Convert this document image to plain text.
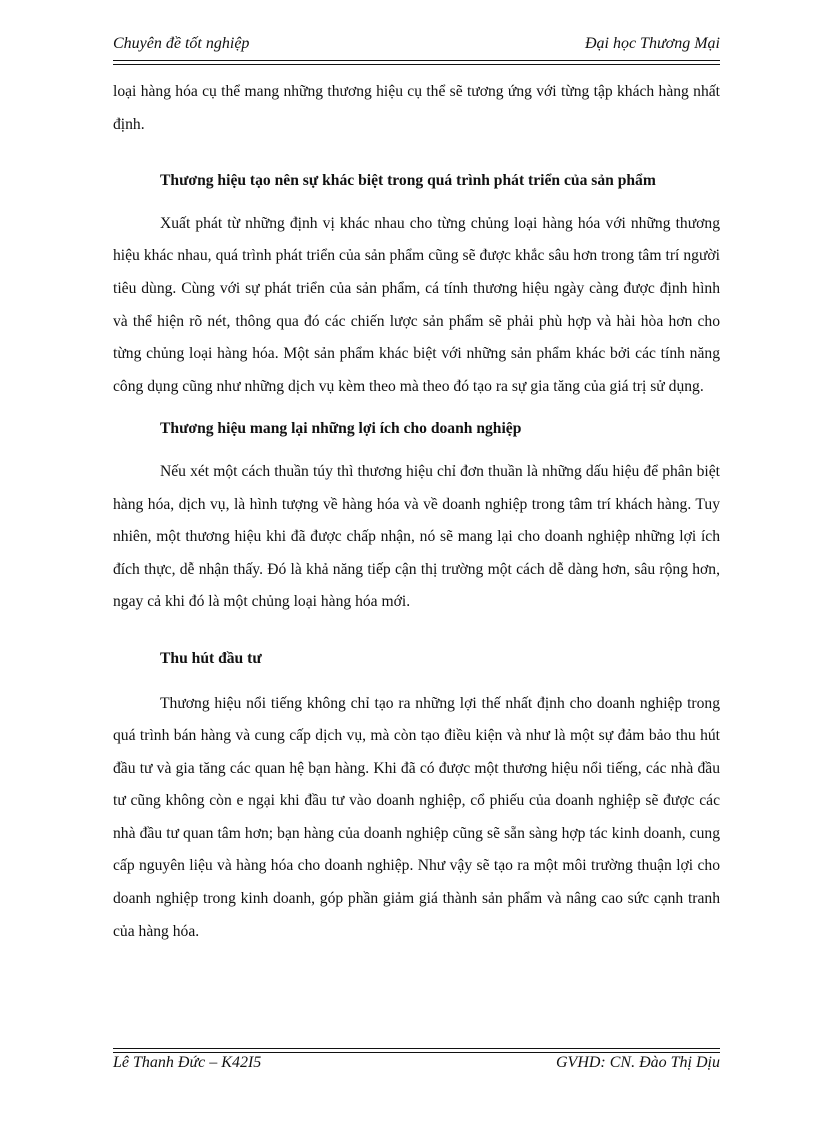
Chuyên đề tốt nghiệp	Đại học Thương Mại

loại hàng hóa cụ thể mang những thương hiệu cụ thể sẽ tương ứng với từng tập khách hàng nhất định.

Thương hiệu tạo nên sự khác biệt trong quá trình phát triển của sản phẩm

Xuất phát từ những định vị khác nhau cho từng chủng loại hàng hóa với những thương hiệu khác nhau, quá trình phát triển của sản phẩm cũng sẽ được khắc sâu hơn trong tâm trí người tiêu dùng. Cùng với sự phát triển của sản phẩm, cá tính thương hiệu ngày càng được định hình và thể hiện rõ nét, thông qua đó các chiến lược sản phẩm sẽ phải phù hợp và hài hòa hơn cho từng chủng loại hàng hóa. Một sản phẩm khác biệt với những sản phẩm khác bởi các tính năng công dụng cũng như những dịch vụ kèm theo mà theo đó tạo ra sự gia tăng của giá trị sử dụng.

Thương hiệu mang lại những lợi ích cho doanh nghiệp

Nếu xét một cách thuần túy thì thương hiệu chỉ đơn thuần là những dấu hiệu để phân biệt hàng hóa, dịch vụ, là hình tượng về hàng hóa và về doanh nghiệp trong tâm trí khách hàng. Tuy nhiên, một thương hiệu khi đã được chấp nhận, nó sẽ mang lại cho doanh nghiệp những lợi ích đích thực, dễ nhận thấy. Đó là khả năng tiếp cận thị trường một cách dễ dàng hơn, sâu rộng hơn, ngay cả khi đó là một chủng loại hàng hóa mới.

Thu hút đầu tư

Thương hiệu nổi tiếng không chỉ tạo ra những lợi thế nhất định cho doanh nghiệp trong quá trình bán hàng và cung cấp dịch vụ, mà còn tạo điều kiện và như là một sự đảm bảo thu hút đầu tư và gia tăng các quan hệ bạn hàng. Khi đã có được một thương hiệu nổi tiếng, các nhà đầu tư cũng không còn e ngại khi đầu tư vào doanh nghiệp, cổ phiếu của doanh nghiệp sẽ được các nhà đầu tư quan tâm hơn; bạn hàng của doanh nghiệp cũng sẽ sẵn sàng hợp tác kinh doanh, cung cấp nguyên liệu và hàng hóa cho doanh nghiệp. Như vậy sẽ tạo ra một môi trường thuận lợi cho doanh nghiệp trong kinh doanh, góp phần giảm giá thành sản phẩm và nâng cao sức cạnh tranh của hàng hóa.

Lê Thanh Đức – K42I5	GVHD: CN. Đào Thị Dịu
